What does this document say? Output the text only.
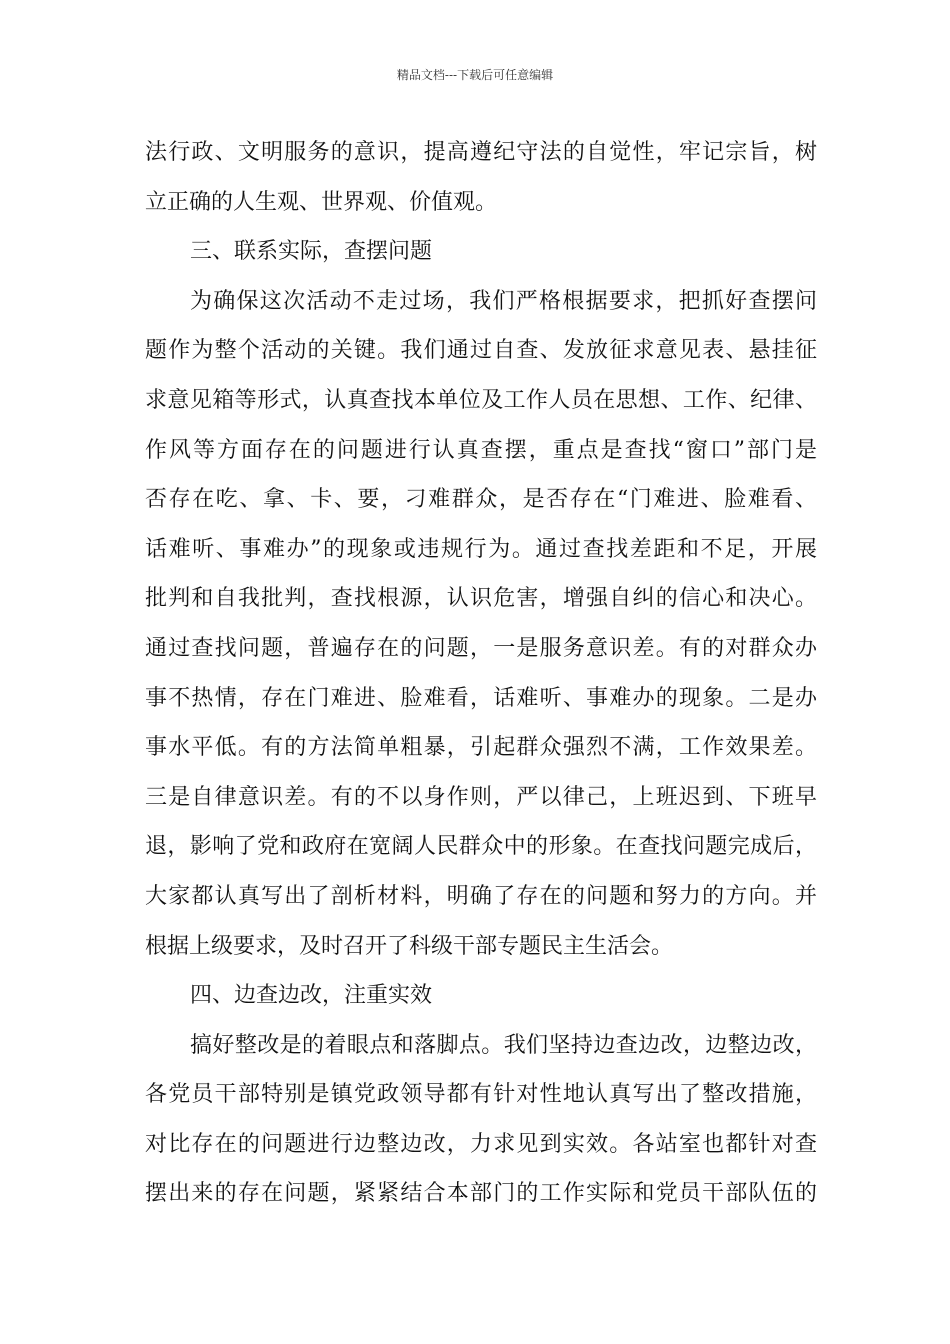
精品文档---下载后可任意编辑
法行政、文明服务的意识，提高遵纪守法的自觉性，牢记宗旨，树
立正确的人生观、世界观、价值观。
三、联系实际，查摆问题
为确保这次活动不走过场，我们严格根据要求，把抓好查摆问
题作为整个活动的关键。我们通过自查、发放征求意见表、悬挂征
求意见箱等形式，认真查找本单位及工作人员在思想、工作、纪律、
作风等方面存在的问题进行认真查摆，重点是查找“窗口”部门是
否存在吃、拿、卡、要，刁难群众，是否存在“门难进、脸难看、
话难听、事难办”的现象或违规行为。通过查找差距和不足，开展
批判和自我批判，查找根源，认识危害，增强自纠的信心和决心。
通过查找问题，普遍存在的问题，一是服务意识差。有的对群众办
事不热情，存在门难进、脸难看，话难听、事难办的现象。二是办
事水平低。有的方法简单粗暴，引起群众强烈不满，工作效果差。
三是自律意识差。有的不以身作则，严以律己，上班迟到、下班早
退，影响了党和政府在宽阔人民群众中的形象。在查找问题完成后，
大家都认真写出了剖析材料，明确了存在的问题和努力的方向。并
根据上级要求，及时召开了科级干部专题民主生活会。
四、边查边改，注重实效
搞好整改是的着眼点和落脚点。我们坚持边查边改，边整边改，
各党员干部特别是镇党政领导都有针对性地认真写出了整改措施，
对比存在的问题进行边整边改，力求见到实效。各站室也都针对查
摆出来的存在问题，紧紧结合本部门的工作实际和党员干部队伍的
